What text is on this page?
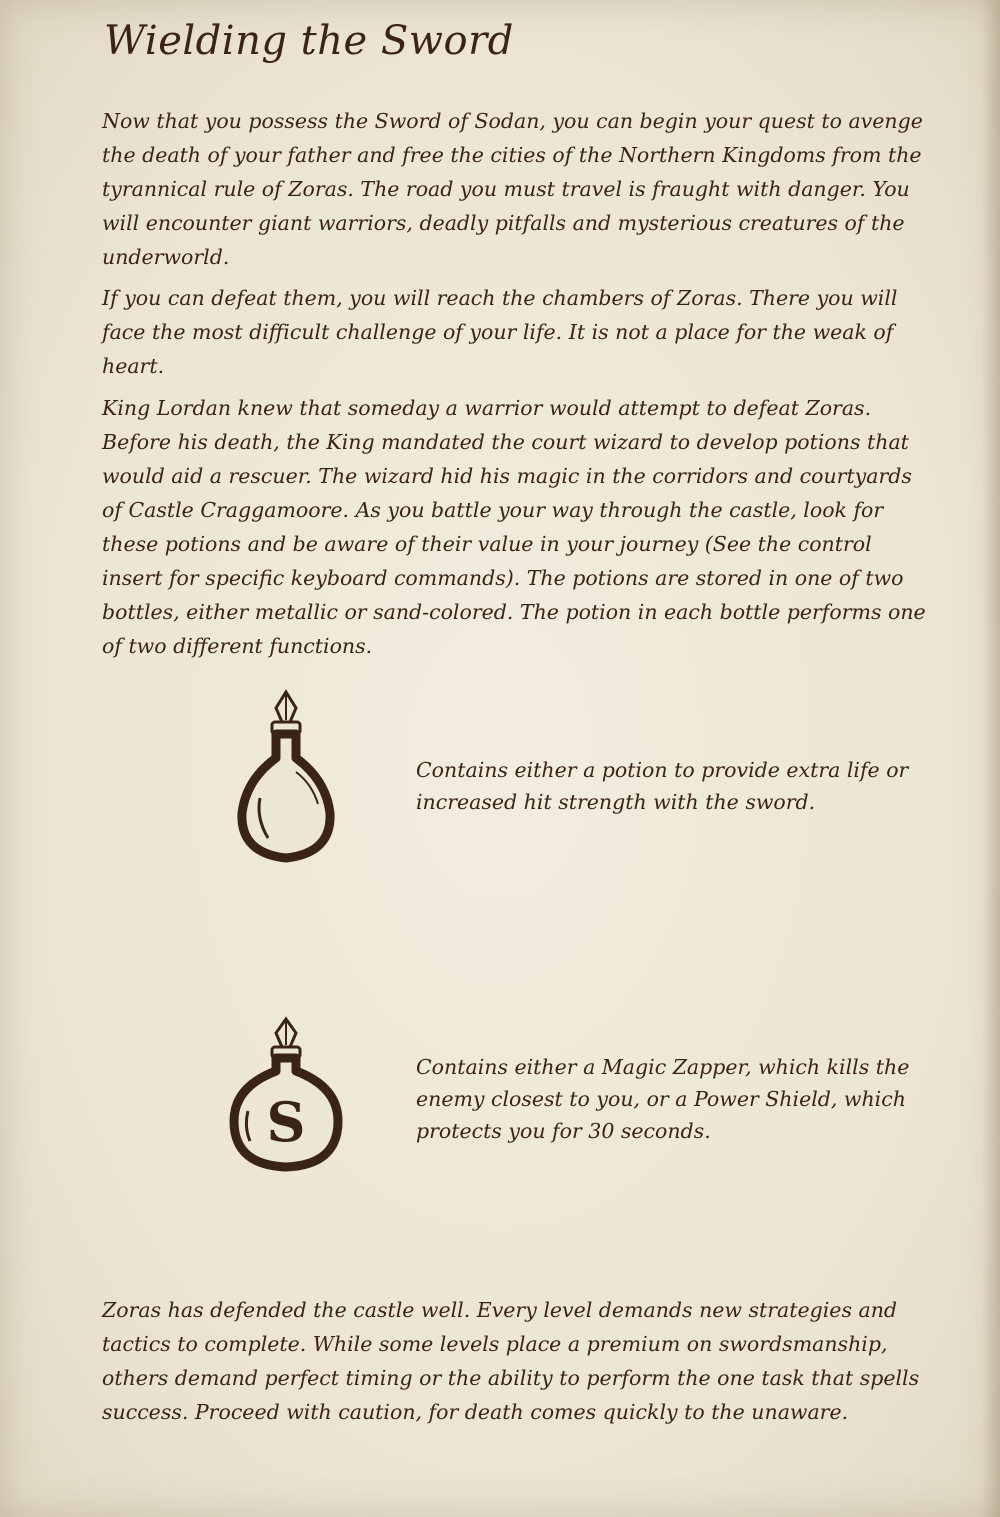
Wielding the Sword

Now that you possess the Sword of Sodan, you can begin your quest to avenge the death of your father and free the cities of the Northern Kingdoms from the tyrannical rule of Zoras. The road you must travel is fraught with danger. You will encounter giant warriors, deadly pitfalls and mysterious creatures of the underworld.

If you can defeat them, you will reach the chambers of Zoras. There you will face the most difficult challenge of your life. It is not a place for the weak of heart.

King Lordan knew that someday a warrior would attempt to defeat Zoras. Before his death, the King mandated the court wizard to develop potions that would aid a rescuer. The wizard hid his magic in the corridors and courtyards of Castle Craggamoore. As you battle your way through the castle, look for these potions and be aware of their value in your journey (See the control insert for specific keyboard commands). The potions are stored in one of two bottles, either metallic or sand-colored. The potion in each bottle performs one of two different functions.

Contains either a potion to provide extra life or increased hit strength with the sword.

S

Contains either a Magic Zapper, which kills the enemy closest to you, or a Power Shield, which protects you for 30 seconds.

Zoras has defended the castle well. Every level demands new strategies and tactics to complete. While some levels place a premium on swordsmanship, others demand perfect timing or the ability to perform the one task that spells success. Proceed with caution, for death comes quickly to the unaware.
